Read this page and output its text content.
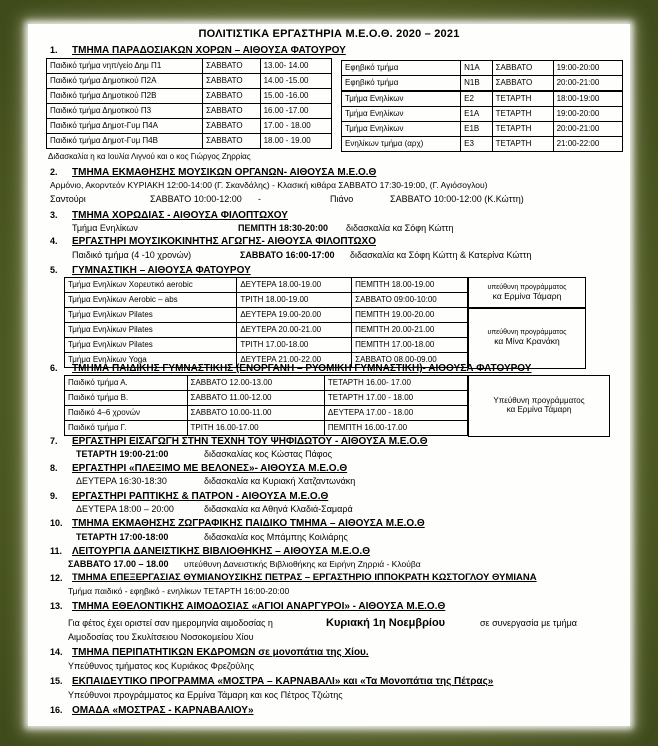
ΠΟΛΙΤΙΣΤΙΚΑ ΕΡΓΑΣΤΗΡΙΑ Μ.Ε.Ο.Θ. 2020 – 2021
1. ΤΜΗΜΑ ΠΑΡΑΔΟΣΙΑΚΩΝ ΧΟΡΩΝ – ΑΙΘΟΥΣΑ ΦΑΤΟΥΡΟΥ
Παιδικό τμήμα νηπ/γείο Δημ Π1	ΣΑΒΒΑΤΟ	13.00- 14.00
Παιδικό τμήμα Δημοτικού Π2Α	ΣΑΒΒΑΤΟ	14.00 -15.00
Παιδικό τμήμα Δημοτικού Π2Β	ΣΑΒΒΑΤΟ	15.00 -16.00
Παιδικό τμήμα Δημοτικού Π3	ΣΑΒΒΑΤΟ	16.00 -17.00
Παιδικό τμήμα Δημοτ-Γυμ Π4Α	ΣΑΒΒΑΤΟ	17.00 - 18.00
Παιδικό τμήμα Δημοτ-Γυμ Π4Β	ΣΑΒΒΑΤΟ	18.00 - 19.00
Εφηβικό τμήμα	Ν1Α	ΣΑΒΒΑΤΟ	19:00-20:00
Εφηβικό τμήμα	Ν1Β	ΣΑΒΒΑΤΟ	20:00-21:00
Τμήμα Ενηλίκων	Ε2	ΤΕΤΑΡΤΗ	18:00-19:00
Τμήμα Ενηλίκων	Ε1Α	ΤΕΤΑΡΤΗ	19:00-20:00
Τμήμα Ενηλίκων	Ε1Β	ΤΕΤΑΡΤΗ	20:00-21:00
Ενηλίκων τμήμα (αρχ)	Ε3	ΤΕΤΑΡΤΗ	21:00-22:00
Διδασκαλία η κα Ιουλία Λιγνού και ο κος Γιώργος Ζηρρίας
2. ΤΜΗΜΑ ΕΚΜΑΘΗΣΗΣ ΜΟΥΣΙΚΩΝ ΟΡΓΑΝΩΝ- ΑΙΘΟΥΣΑ Μ.Ε.Ο.Θ
Αρμόνιο, Ακορντεόν ΚΥΡΙΑΚΗ 12:00-14:00 (Γ. Σκανδάλης) - Κλασική κιθάρα ΣΑΒΒΑΤΟ 17:30-19:00, (Γ. Αγιόσογλου)
Σαντούρι	ΣΑΒΒΑΤΟ 10:00-12:00 -	Πιάνο	ΣΑΒΒΑΤΟ 10:00-12:00 (Κ.Κώττη)
3. ΤΜΗΜΑ ΧΟΡΩΔΙΑΣ - ΑΙΘΟΥΣΑ ΦΙΛΟΠΤΩΧΟΥ
Τμήμα Ενηλίκων	ΠΕΜΠΤΗ 18:30-20:00 διδασκαλία κα Σόφη Κώττη
4. ΕΡΓΑΣΤΗΡΙ ΜΟΥΣΙΚΟΚΙΝΗΤΗΣ ΑΓΩΓΗΣ- ΑΙΘΟΥΣΑ ΦΙΛΟΠΤΩΧΟ
Παιδικό τμήμα (4 -10 χρονών)	ΣΑΒΒΑΤΟ 16:00-17:00 διδασκαλία κα Σόφη Κώττη & Κατερίνα Κώττη
5. ΓΥΜΝΑΣΤΙΚΗ – ΑΙΘΟΥΣΑ ΦΑΤΟΥΡΟΥ
Τμήμα Ενηλίκων Χορευτικό aerobic	ΔΕΥΤΕΡΑ 18.00-19.00	ΠΕΜΠΤΗ 18.00-19.00
Τμήμα Ενηλίκων Aerobic – abs	ΤΡΙΤΗ 18.00-19.00	ΣΑΒΒΑΤΟ 09:00-10:00
Τμήμα Ενηλίκων Pilates	ΔΕΥΤΕΡΑ 19.00-20.00	ΠΕΜΠΤΗ 19.00-20.00
Τμήμα Ενηλίκων Pilates	ΔΕΥΤΕΡΑ 20.00-21.00	ΠΕΜΠΤΗ 20.00-21.00
Τμήμα Ενηλίκων Pilates	ΤΡΙΤΗ 17.00-18.00	ΠΕΜΠΤΗ 17.00-18.00
Τμήμα Ενηλίκων Yoga	ΔΕΥΤΕΡΑ 21.00-22.00	ΣΑΒΒΑΤΟ 08.00-09.00
υπεύθυνη προγράμματος
κα Ερμίνα Τάμαρη
υπεύθυνη προγράμματος
κα Μίνα Κρανάκη
6. ΤΜΗΜΑ ΠΑΙΔΙΚΗΣ ΓΥΜΝΑΣΤΙΚΗΣ (ΕΝΟΡΓΑΝΗ – ΡΥΘΜΙΚΗ ΓΥΜΝΑΣΤΙΚΗ)- ΑΙΘΟΥΣΑ ΦΑΤΟΥΡΟΥ
Παιδικό τμήμα Α.	ΣΑΒΒΑΤΟ 12.00-13.00	ΤΕΤΑΡΤΗ 16.00- 17.00
Παιδικό τμήμα Β.	ΣΑΒΒΑΤΟ 11.00-12.00	ΤΕΤΑΡΤΗ 17.00 - 18.00
Παιδικό 4–6 χρονών	ΣΑΒΒΑΤΟ 10.00-11.00	ΔΕΥΤΕΡΑ 17.00 - 18.00
Παιδικό τμήμα Γ.	ΤΡΙΤΗ 16.00-17.00	ΠΕΜΠΤΗ 16.00-17.00
Υπεύθυνη προγράμματος
κα Ερμίνα Τάμαρη
7. ΕΡΓΑΣΤΗΡΙ ΕΙΣΑΓΩΓΗ ΣΤΗΝ ΤΕΧΝΗ ΤΟΥ ΨΗΦΙΔΩΤΟΥ - ΑΙΘΟΥΣΑ Μ.Ε.Ο.Θ
ΤΕΤΑΡΤΗ 19:00-21:00	διδασκαλίας κος Κώστας Πάφος
8. ΕΡΓΑΣΤΗΡΙ «ΠΛΕΞΙΜΟ ΜΕ ΒΕΛΟΝΕΣ»- ΑΙΘΟΥΣΑ Μ.Ε.Ο.Θ
ΔΕΥΤΕΡΑ 16:30-18:30	διδασκαλία κα Κυριακή Χατζαντωνάκη
9. ΕΡΓΑΣΤΗΡΙ ΡΑΠΤΙΚΗΣ & ΠΑΤΡΟΝ - ΑΙΘΟΥΣΑ Μ.Ε.Ο.Θ
ΔΕΥΤΕΡΑ 18:00 – 20:00	διδασκαλία κα Αθηνά Κλαδιά-Σαμαρά
10. ΤΜΗΜΑ ΕΚΜΑΘΗΣΗΣ ΖΩΓΡΑΦΙΚΗΣ ΠΑΙΔΙΚΟ ΤΜΗΜΑ – ΑΙΘΟΥΣΑ Μ.Ε.Ο.Θ
ΤΕΤΑΡΤΗ 17:00-18:00	διδασκαλία κος Μπάμπης Κοιλιάρης
11. ΛΕΙΤΟΥΡΓΙΑ ΔΑΝΕΙΣΤΙΚΗΣ ΒΙΒΛΙΟΘΗΚΗΣ – ΑΙΘΟΥΣΑ Μ.Ε.Ο.Θ
ΣΑΒΒΑΤΟ 17.00 – 18.00 υπεύθυνη Δανειστικής Βιβλιοθήκης κα Ειρήνη Ζηρριά - Κλούβα
12. ΤΜΗΜΑ ΕΠΕΞΕΡΓΑΣΙΑΣ ΘΥΜΙΑΝΟΥΣΙΚΗΣ ΠΕΤΡΑΣ – ΕΡΓΑΣΤΗΡΙΟ ΙΠΠΟΚΡΑΤΗ ΚΩΣΤΟΓΛΟΥ ΘΥΜΙΑΝΑ
Τμήμα παιδικό - εφηβικό - ενηλίκων ΤΕΤΑΡΤΗ 16:00-20:00
13. ΤΜΗΜΑ ΕΘΕΛΟΝΤΙΚΗΣ ΑΙΜΟΔΟΣΙΑΣ «ΑΓΙΟΙ ΑΝΑΡΓΥΡΟΙ» - ΑΙΘΟΥΣΑ Μ.Ε.Ο.Θ
Για φέτος έχει οριστεί σαν ημερομηνία αιμοδοσίας η	Κυριακή 1η Νοεμβρίου	σε συνεργασία με τμήμα
Αιμοδοσίας του Σκυλίτσειου Νοσοκομείου Χίου
14. ΤΜΗΜΑ ΠΕΡΙΠΑΤΗΤΙΚΩΝ ΕΚΔΡΟΜΩΝ σε μονοπάτια της Χίου.
Υπεύθυνος τμήματος κος Κυριάκος Φρεζούλης
15. ΕΚΠΑΙΔΕΥΤΙΚΟ ΠΡΟΓΡΑΜΜΑ «ΜΟΣΤΡΑ – ΚΑΡΝΑΒΑΛΙ» και «Τα Μονοπάτια της Πέτρας»
Υπεύθυνοι προγράμματος κα Ερμίνα Τάμαρη και κος Πέτρος Τζιώτης
16. ΟΜΑΔΑ «ΜΟΣΤΡΑΣ - ΚΑΡΝΑΒΑΛΙΟΥ»
